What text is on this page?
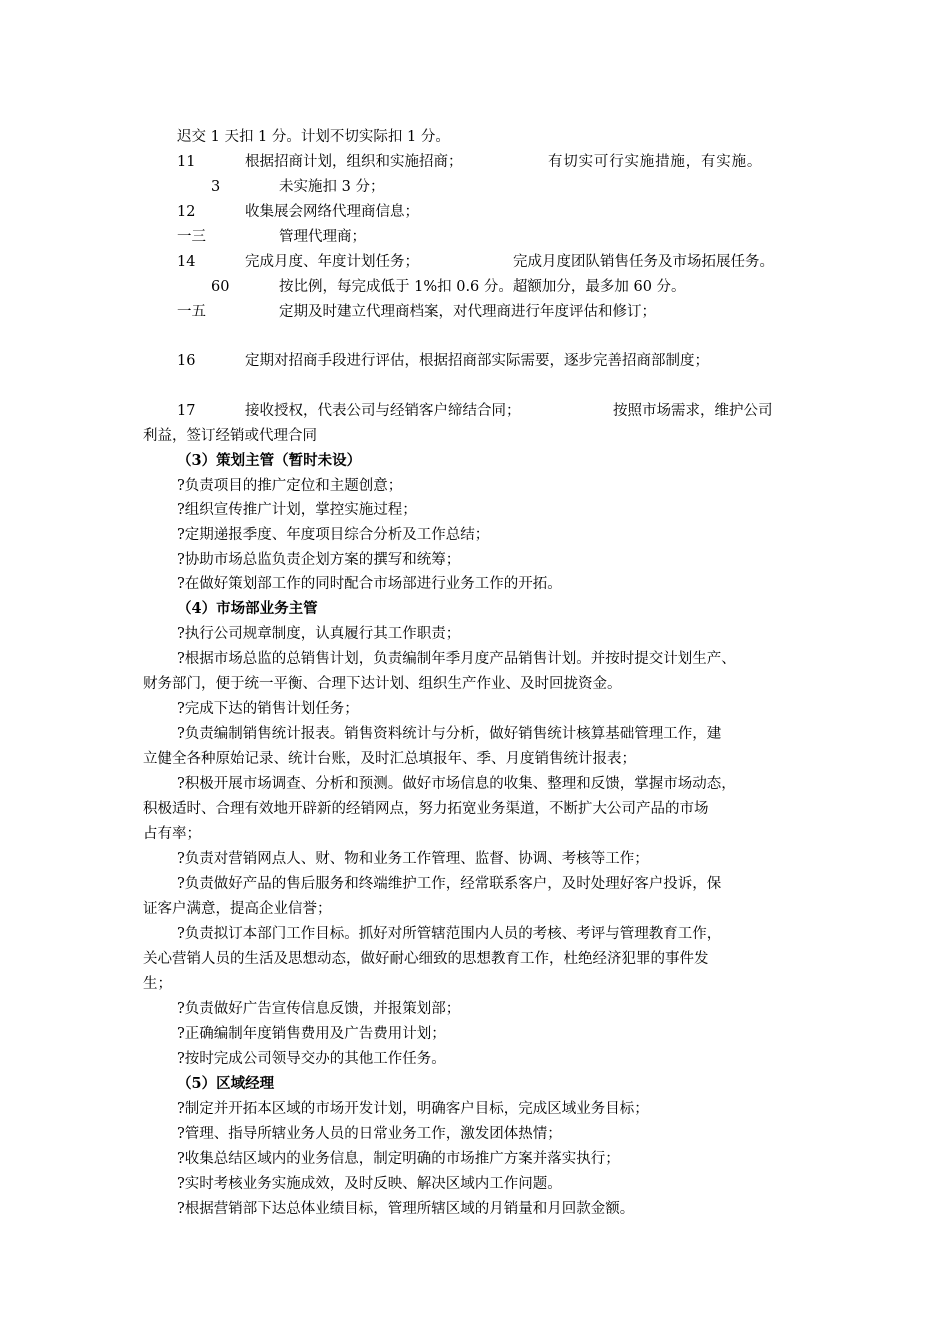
迟交 1 天扣 1 分。计划不切实际扣 1 分。
11	根据招商计划，组织和实施招商；	有切实可行实施措施，有实施。
3	未实施扣 3 分；
12	收集展会网络代理商信息；
一三	管理代理商；
14	完成月度、年度计划任务；	完成月度团队销售任务及市场拓展任务。
60	按比例，每完成低于 1%扣 0.6 分。超额加分，最多加 60 分。
一五	定期及时建立代理商档案，对代理商进行年度评估和修订；
16	定期对招商手段进行评估，根据招商部实际需要，逐步完善招商部制度；
17	接收授权，代表公司与经销客户缔结合同；	按照市场需求，维护公司
利益，签订经销或代理合同
（3）策划主管（暂时未设）
?负责项目的推广定位和主题创意；
?组织宣传推广计划，掌控实施过程；
?定期递报季度、年度项目综合分析及工作总结；
?协助市场总监负责企划方案的撰写和统筹；
?在做好策划部工作的同时配合市场部进行业务工作的开拓。
（4）市场部业务主管
?执行公司规章制度，认真履行其工作职责；
?根据市场总监的总销售计划，负责编制年季月度产品销售计划。并按时提交计划生产、
财务部门，便于统一平衡、合理下达计划、组织生产作业、及时回拢资金。
?完成下达的销售计划任务；
?负责编制销售统计报表。销售资料统计与分析，做好销售统计核算基础管理工作，建
立健全各种原始记录、统计台账，及时汇总填报年、季、月度销售统计报表；
?积极开展市场调查、分析和预测。做好市场信息的收集、整理和反馈，掌握市场动态，
积极适时、合理有效地开辟新的经销网点，努力拓宽业务渠道，不断扩大公司产品的市场
占有率；
?负责对营销网点人、财、物和业务工作管理、监督、协调、考核等工作；
?负责做好产品的售后服务和终端维护工作，经常联系客户，及时处理好客户投诉，保
证客户满意，提高企业信誉；
?负责拟订本部门工作目标。抓好对所管辖范围内人员的考核、考评与管理教育工作，
关心营销人员的生活及思想动态，做好耐心细致的思想教育工作，杜绝经济犯罪的事件发
生；
?负责做好广告宣传信息反馈，并报策划部；
?正确编制年度销售费用及广告费用计划；
?按时完成公司领导交办的其他工作任务。
（5）区域经理
?制定并开拓本区域的市场开发计划，明确客户目标，完成区域业务目标；
?管理、指导所辖业务人员的日常业务工作，激发团体热情；
?收集总结区域内的业务信息，制定明确的市场推广方案并落实执行；
?实时考核业务实施成效，及时反映、解决区域内工作问题。
?根据营销部下达总体业绩目标，管理所辖区域的月销量和月回款金额。
